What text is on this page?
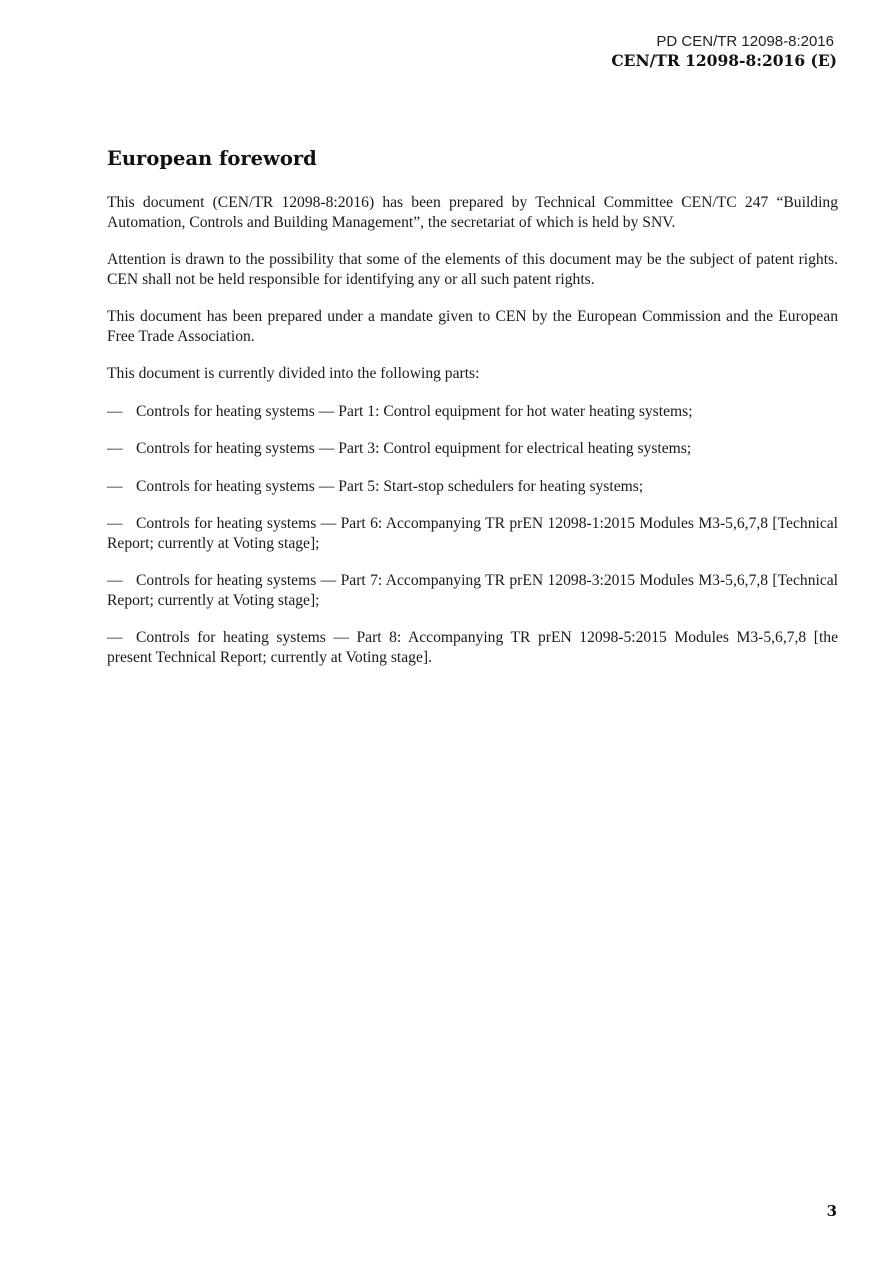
PD CEN/TR 12098-8:2016
CEN/TR 12098-8:2016 (E)
European foreword

This document (CEN/TR 12098-8:2016) has been prepared by Technical Committee CEN/TC 247 “Building Automation, Controls and Building Management”, the secretariat of which is held by SNV.

Attention is drawn to the possibility that some of the elements of this document may be the subject of patent rights. CEN shall not be held responsible for identifying any or all such patent rights.

This document has been prepared under a mandate given to CEN by the European Commission and the European Free Trade Association.

This document is currently divided into the following parts:

— Controls for heating systems — Part 1: Control equipment for hot water heating systems;
— Controls for heating systems — Part 3: Control equipment for electrical heating systems;
— Controls for heating systems — Part 5: Start-stop schedulers for heating systems;
— Controls for heating systems — Part 6: Accompanying TR prEN 12098-1:2015 Modules M3-5,6,7,8 [Technical Report; currently at Voting stage];
— Controls for heating systems — Part 7: Accompanying TR prEN 12098-3:2015 Modules M3-5,6,7,8 [Technical Report; currently at Voting stage];
— Controls for heating systems — Part 8: Accompanying TR prEN 12098-5:2015 Modules M3-5,6,7,8 [the present Technical Report; currently at Voting stage].
3
